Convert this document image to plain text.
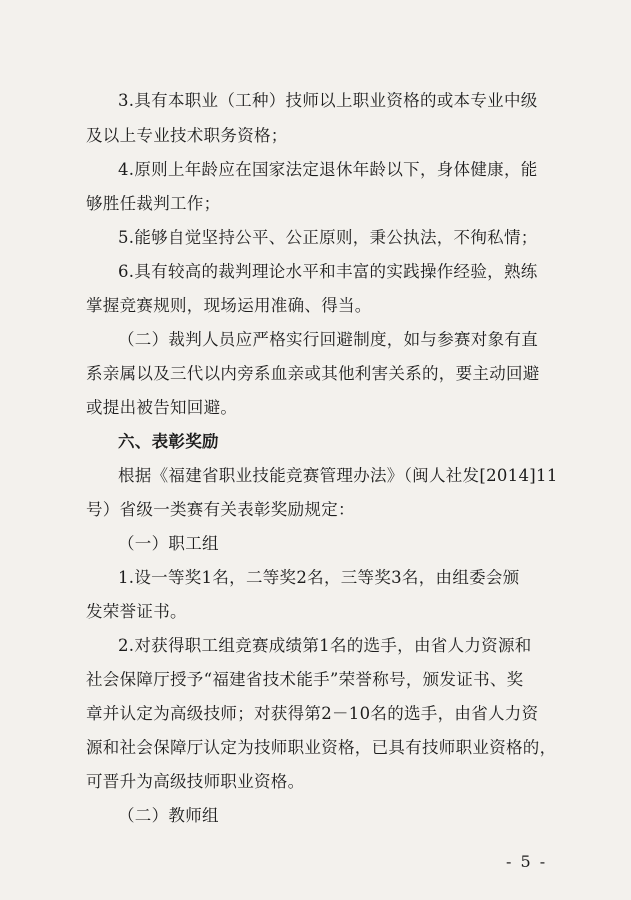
3.具有本职业（工种）技师以上职业资格的或本专业中级
及以上专业技术职务资格；
4.原则上年龄应在国家法定退休年龄以下，身体健康，能
够胜任裁判工作；
5.能够自觉坚持公平、公正原则，秉公执法，不徇私情；
6.具有较高的裁判理论水平和丰富的实践操作经验，熟练
掌握竞赛规则，现场运用准确、得当。
（二）裁判人员应严格实行回避制度，如与参赛对象有直
系亲属以及三代以内旁系血亲或其他利害关系的，要主动回避
或提出被告知回避。
六、表彰奖励
根据《福建省职业技能竞赛管理办法》（闽人社发[2014]11
号）省级一类赛有关表彰奖励规定：
（一）职工组
1.设一等奖1名，二等奖2名，三等奖3名，由组委会颁
发荣誉证书。
2.对获得职工组竞赛成绩第1名的选手，由省人力资源和
社会保障厅授予“福建省技术能手”荣誉称号，颁发证书、奖
章并认定为高级技师；对获得第2－10名的选手，由省人力资
源和社会保障厅认定为技师职业资格，已具有技师职业资格的，
可晋升为高级技师职业资格。
（二）教师组
- 5 -
